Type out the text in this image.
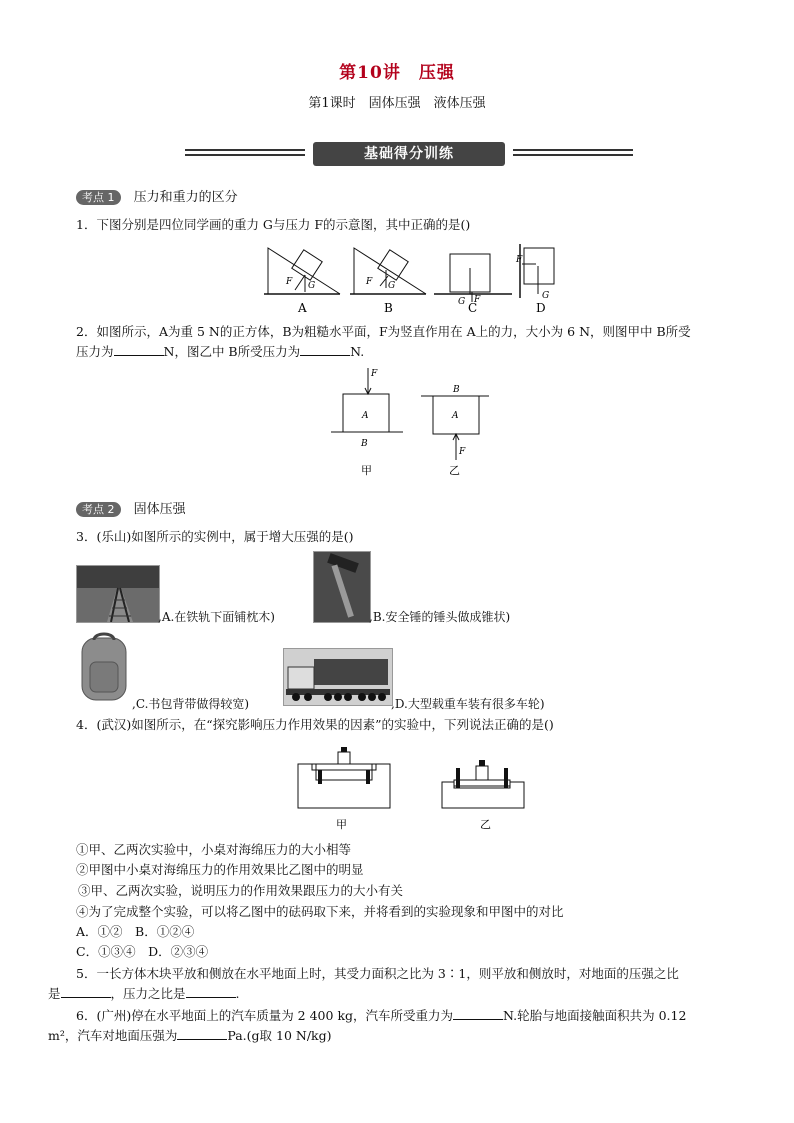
第10讲　压强
第1课时　固体压强　液体压强
基础得分训练
考点 1 压力和重力的区分
1．下图分别是四位同学画的重力 G与压力 F的示意图，其中正确的是()
F G
A
F G
B	G F
C
F
G
D
2．如图所示，A为重 5 N的正方体，B为粗糙水平面，F为竖直作用在 A上的力，大小为 6 N，则图甲中 B所受
压力为	N，图乙中 B所受压力为	N.
F
A
B
甲
B
A
F
乙
考点 2 固体压强
3．(乐山)如图所示的实例中，属于增大压强的是()
,A.在铁轨下面铺枕木)	,B.安全锤的锤头做成锥状)
,C.书包背带做得较宽)	,D.大型载重车装有很多车轮)
4．(武汉)如图所示，在“探究影响压力作用效果的因素”的实验中，下列说法正确的是()
甲	乙
①甲、乙两次实验中，小桌对海绵压力的大小相等
②甲图中小桌对海绵压力的作用效果比乙图中的明显
③甲、乙两次实验，说明压力的作用效果跟压力的大小有关
④为了完成整个实验，可以将乙图中的砝码取下来，并将看到的实验现象和甲图中的对比
A．①②　B．①②④
C．①③④　D．②③④
5．一长方体木块平放和侧放在水平地面上时，其受力面积之比为 3∶1，则平放和侧放时，对地面的压强之比
是	，压力之比是	.
6．(广州)停在水平地面上的汽车质量为 2 400 kg，汽车所受重力为	N.轮胎与地面接触面积共为 0.12
m²，汽车对地面压强为	Pa.(g取 10 N/kg)
